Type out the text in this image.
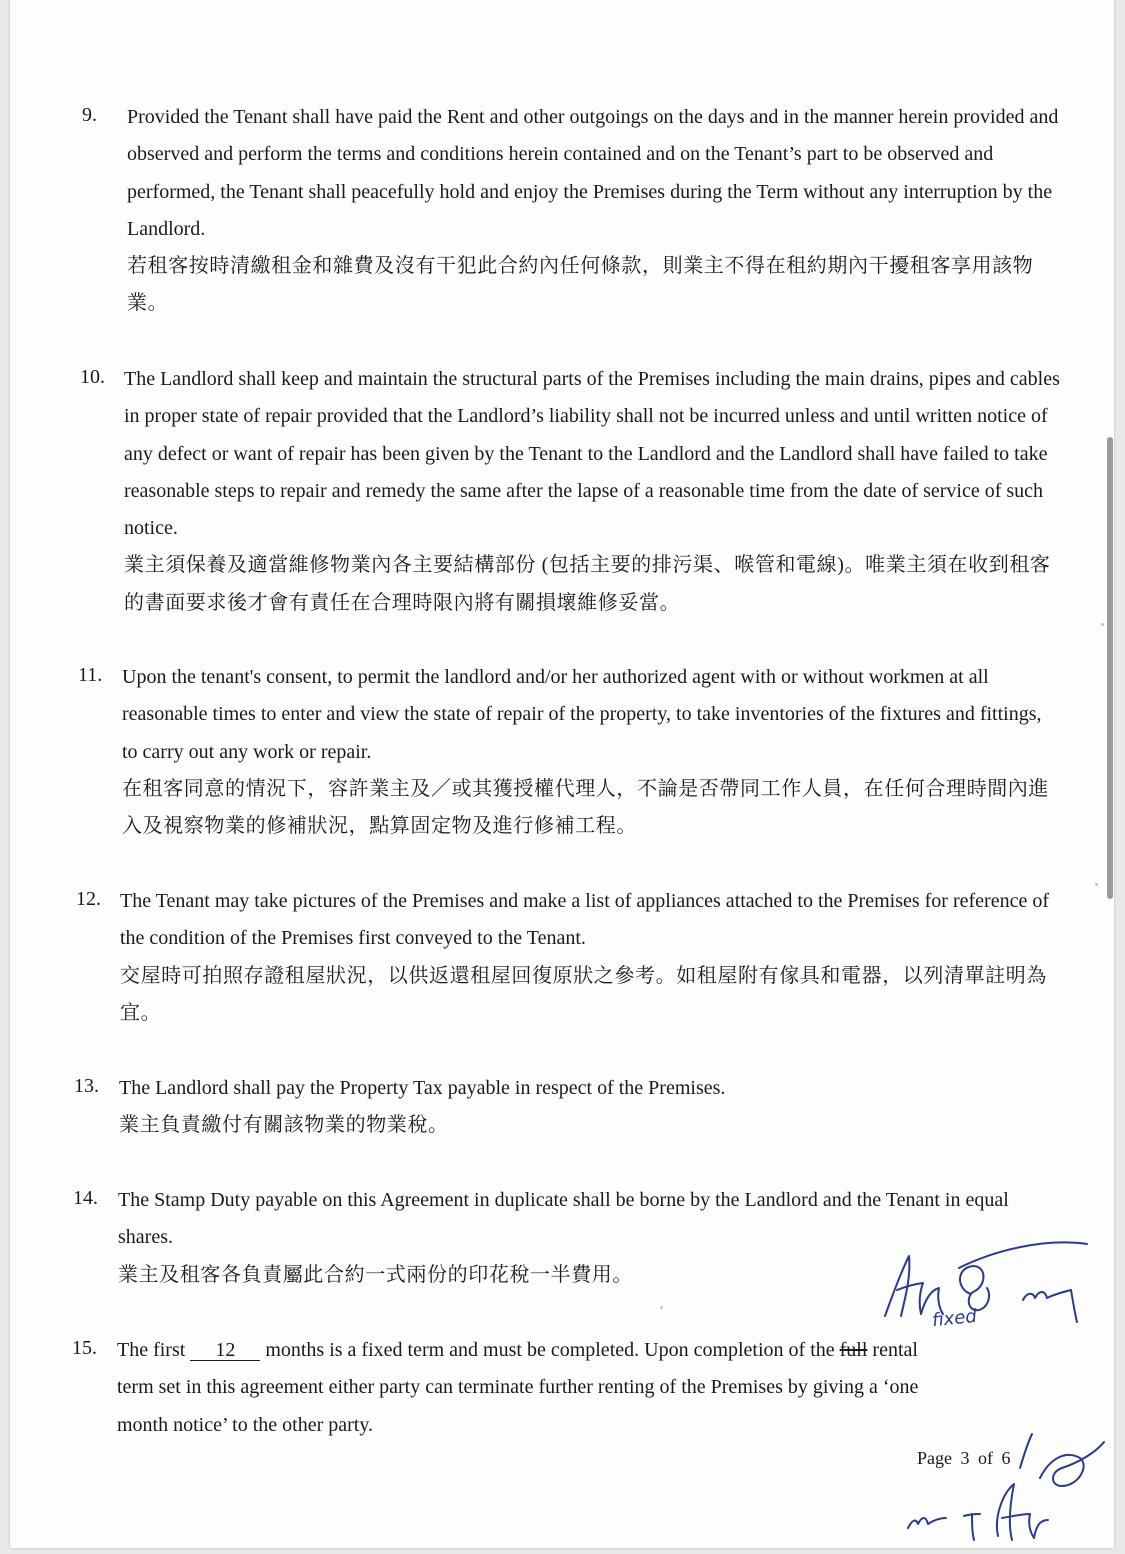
9. Provided the Tenant shall have paid the Rent and other outgoings on the days and in the manner herein provided and observed and perform the terms and conditions herein contained and on the Tenant’s part to be observed and performed, the Tenant shall peacefully hold and enjoy the Premises during the Term without any interruption by the Landlord.
若租客按時清繳租金和雜費及沒有干犯此合約內任何條款，則業主不得在租約期內干擾租客享用該物業。
10. The Landlord shall keep and maintain the structural parts of the Premises including the main drains, pipes and cables in proper state of repair provided that the Landlord’s liability shall not be incurred unless and until written notice of any defect or want of repair has been given by the Tenant to the Landlord and the Landlord shall have failed to take reasonable steps to repair and remedy the same after the lapse of a reasonable time from the date of service of such notice.
業主須保養及適當維修物業內各主要結構部份 (包括主要的排污渠、喉管和電線)。唯業主須在收到租客的書面要求後才會有責任在合理時限內將有關損壞維修妥當。
11. Upon the tenant's consent, to permit the landlord and/or her authorized agent with or without workmen at all reasonable times to enter and view the state of repair of the property, to take inventories of the fixtures and fittings, to carry out any work or repair.
在租客同意的情況下，容許業主及／或其獲授權代理人，不論是否帶同工作人員，在任何合理時間內進入及視察物業的修補狀況，點算固定物及進行修補工程。
12. The Tenant may take pictures of the Premises and make a list of appliances attached to the Premises for reference of the condition of the Premises first conveyed to the Tenant.
交屋時可拍照存證租屋狀況，以供返還租屋回復原狀之參考。如租屋附有傢具和電器，以列清單註明為宜。
13. The Landlord shall pay the Property Tax payable in respect of the Premises.
業主負責繳付有關該物業的物業稅。
14. The Stamp Duty payable on this Agreement in duplicate shall be borne by the Landlord and the Tenant in equal shares.
業主及租客各負責屬此合約一式兩份的印花稅一半費用。
15. The first 12 months is a fixed term and must be completed. Upon completion of the full rental
term set in this agreement either party can terminate further renting of the Premises by giving a ‘one
month notice’ to the other party.
fixed
Page 3 of 6
